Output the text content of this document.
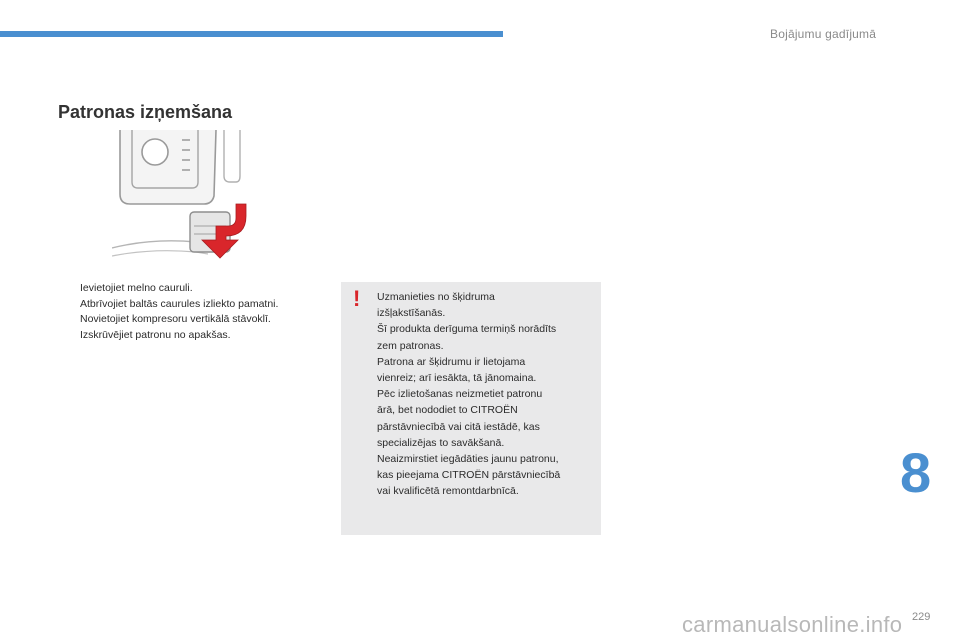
Bojājumu gadījumā
Patronas izņemšana
Ievietojiet melno cauruli.
Atbrīvojiet baltās caurules izliekto pamatni.
Novietojiet kompresoru vertikālā stāvoklī.
Izskrūvējiet patronu no apakšas.
! Uzmanieties no šķidruma
izšļakstīšanās.
Šī produkta derīguma termiņš norādīts
zem patronas.
Patrona ar šķidrumu ir lietojama
vienreiz; arī iesākta, tā jānomaina.
Pēc izlietošanas neizmetiet patronu
ārā, bet nododiet to CITROËN
pārstāvniecībā vai citā iestādē, kas
specializējas to savākšanā.
Neaizmirstiet iegādāties jaunu patronu,
kas pieejama CITROËN pārstāvniecībā
vai kvalificētā remontdarbnīcā.	8
229
carmanualsonline.info
